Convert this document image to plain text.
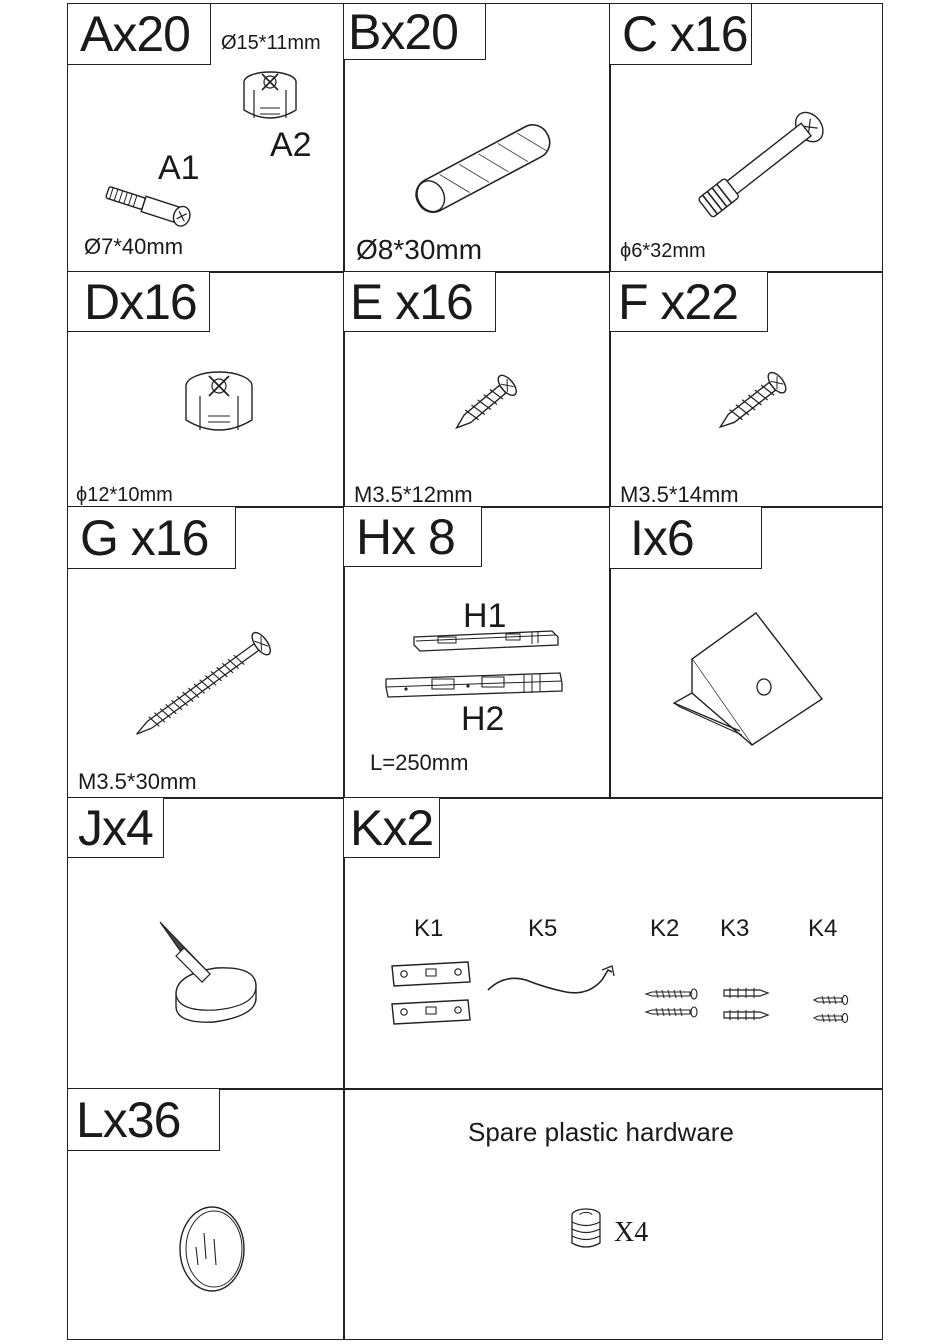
Ax20	Ø15*11mm
A1
A2
Ø7*40mm
Bx20
Ø8*30mm
C x16
ϕ6*32mm
Dx16
ϕ12*10mm
E x16
M3.5*12mm
F x22
M3.5*14mm
G x16
M3.5*30mm
Hx 8
H1
H2
L=250mm
Ix6
Jx4	Kx2
K1	K5	K2 K3 K4
Lx36	Spare plastic hardware
X4
